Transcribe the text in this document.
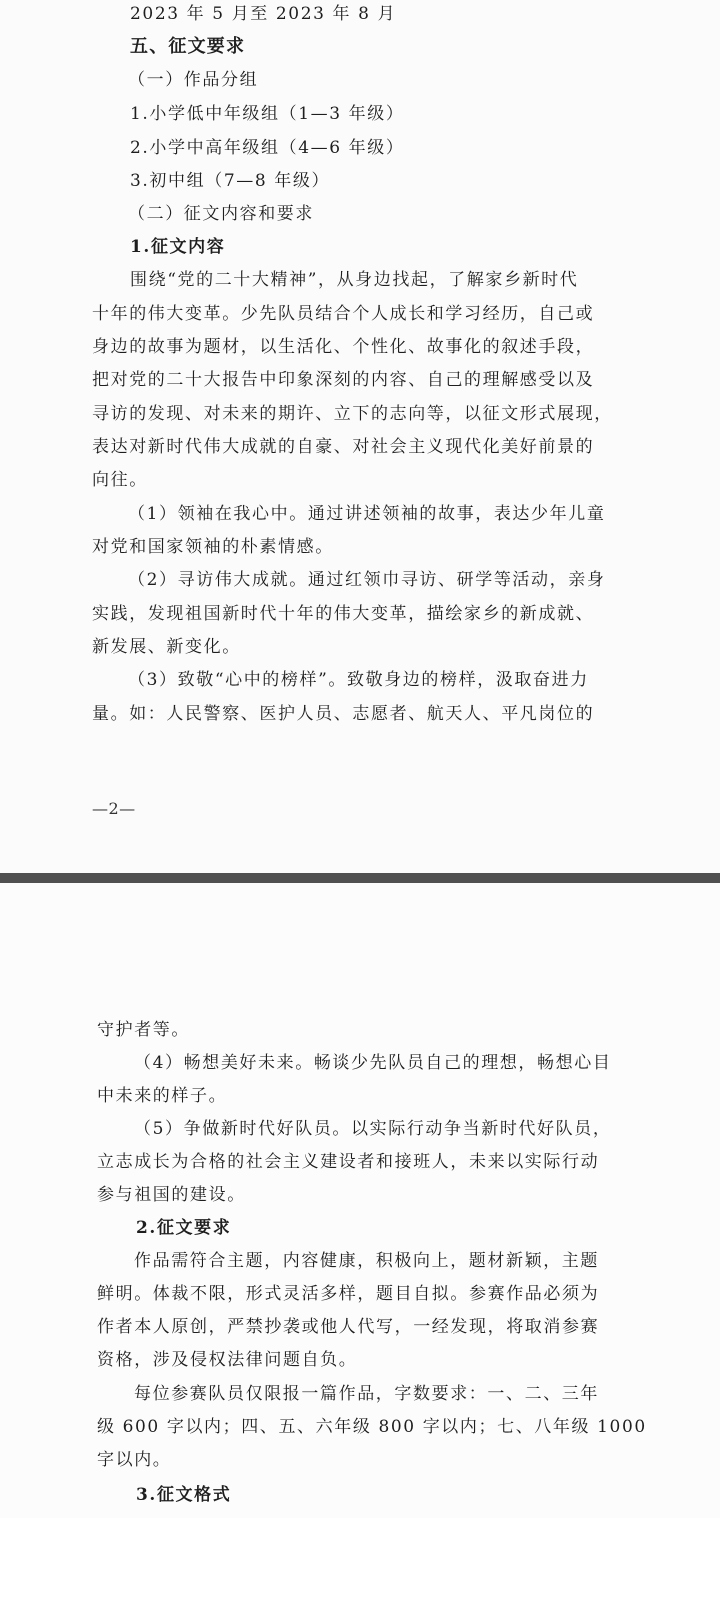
2023 年 5 月至 2023 年 8 月
五、征文要求
（一）作品分组
1.小学低中年级组（1—3 年级）
2.小学中高年级组（4—6 年级）
3.初中组（7—8 年级）
（二）征文内容和要求
1.征文内容
围绕“党的二十大精神”，从身边找起，了解家乡新时代
十年的伟大变革。少先队员结合个人成长和学习经历，自己或
身边的故事为题材，以生活化、个性化、故事化的叙述手段，
把对党的二十大报告中印象深刻的内容、自己的理解感受以及
寻访的发现、对未来的期许、立下的志向等，以征文形式展现，
表达对新时代伟大成就的自豪、对社会主义现代化美好前景的
向往。
（1）领袖在我心中。通过讲述领袖的故事，表达少年儿童
对党和国家领袖的朴素情感。
（2）寻访伟大成就。通过红领巾寻访、研学等活动，亲身
实践，发现祖国新时代十年的伟大变革，描绘家乡的新成就、
新发展、新变化。
（3）致敬“心中的榜样”。致敬身边的榜样，汲取奋进力
量。如：人民警察、医护人员、志愿者、航天人、平凡岗位的
—2—
守护者等。
（4）畅想美好未来。畅谈少先队员自己的理想，畅想心目
中未来的样子。
（5）争做新时代好队员。以实际行动争当新时代好队员，
立志成长为合格的社会主义建设者和接班人，未来以实际行动
参与祖国的建设。
2.征文要求
作品需符合主题，内容健康，积极向上，题材新颖，主题
鲜明。体裁不限，形式灵活多样，题目自拟。参赛作品必须为
作者本人原创，严禁抄袭或他人代写，一经发现，将取消参赛
资格，涉及侵权法律问题自负。
每位参赛队员仅限报一篇作品，字数要求：一、二、三年
级 600 字以内；四、五、六年级 800 字以内；七、八年级 1000
字以内。
3.征文格式
